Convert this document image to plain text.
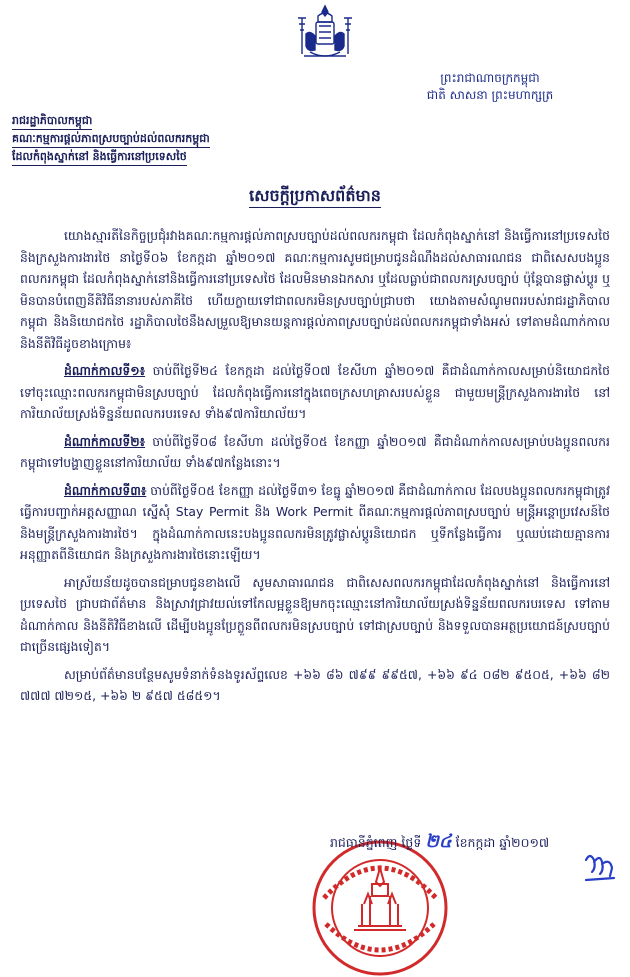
ព្រះរាជាណាចក្រកម្ពុជា
ជាតិ សាសនា ព្រះមហាក្សត្រ
រាជរដ្ឋាភិបាលកម្ពុជា
គណៈកម្មការផ្តល់ភាពស្របច្បាប់ដល់ពលករកម្ពុជា
ដែលកំពុងស្នាក់នៅ និងធ្វើការនៅប្រទេសថៃ
សេចក្តីប្រកាសព័ត៌មាន

យោងស្មារតីនៃកិច្ចប្រជុំរវាងគណៈកម្មការផ្តល់ភាពស្របច្បាប់ដល់ពលករកម្ពុជា ដែលកំពុងស្នាក់នៅ និងធ្វើការនៅប្រទេសថៃ និងក្រសួងការងារថៃ នាថ្ងៃទី០៦ ខែកក្កដា ឆ្នាំ២០១៧ គណៈកម្មការសូមជម្រាបជូនដំណឹងដល់សាធារណជន ជាពិសេសបងប្អូនពលករកម្ពុជា ដែលកំពុងស្នាក់នៅនិងធ្វើការនៅប្រទេសថៃ ដែលមិនមានឯកសារ ឬដែលធ្លាប់ជាពលករស្របច្បាប់ ប៉ុន្តែបានផ្លាស់ប្តូរ ឬមិនបានបំពេញនីតិវិធីនានារបស់ភាគីថៃ ហើយក្លាយទៅជាពលករមិនស្របច្បាប់ជ្រាបថា យោងតាមសំណូមពររបស់រាជរដ្ឋាភិបាលកម្ពុជា និងនិយោជកថៃ រដ្ឋាភិបាលថៃនឹងសម្រួលឱ្យមានយន្តការផ្តល់ភាពស្របច្បាប់ដល់ពលករកម្ពុជាទាំងអស់ ទៅតាមដំណាក់កាល និងនីតិវិធីដូចខាងក្រោម៖

ដំណាក់កាលទី១៖ ចាប់ពីថ្ងៃទី២៤ ខែកក្កដា ដល់ថ្ងៃទី០៧ ខែសីហា ឆ្នាំ២០១៧ គឺជាដំណាក់កាលសម្រាប់និយោជកថៃទៅចុះឈ្មោះពលករកម្ពុជាមិនស្របច្បាប់ ដែលកំពុងធ្វើការនៅក្នុងពេចក្រសហគ្រាសរបស់ខ្លួន ជាមួយមន្ត្រីក្រសួងការងារថៃ នៅការិយាល័យស្រង់ទិន្នន័យពលករបរទេស ទាំង៩៧ការិយាល័យ។

ដំណាក់កាលទី២៖ ចាប់ពីថ្ងៃទី០៨ ខែសីហា ដល់ថ្ងៃទី០៥ ខែកញ្ញា ឆ្នាំ២០១៧ គឺជាដំណាក់កាលសម្រាប់បងប្អូនពលករកម្ពុជាទៅបង្ហាញខ្លួននៅការិយាល័យ ទាំង៩៧កន្លែងនោះ។

ដំណាក់កាលទី៣៖ ចាប់ពីថ្ងៃទី០៥ ខែកញ្ញា ដល់ថ្ងៃទី៣១ ខែធ្នូ ឆ្នាំ២០១៧ គឺជាដំណាក់កាល ដែលបងប្អូនពលករកម្ពុជាត្រូវធ្វើការបញ្ជាក់អត្តសញ្ញាណ ស្នើសុំ Stay Permit និង Work Permit ពីគណៈកម្មការផ្តល់ភាពស្របច្បាប់ មន្ត្រីអន្តោប្រវេសន៍ថៃ និងមន្ត្រីក្រសួងការងារថៃ។ ក្នុងដំណាក់កាលនេះបងប្អូនពលករមិនត្រូវផ្លាស់ប្តូរនិយោជក ឬទីកន្លែងធ្វើការ ឬឈប់ដោយគ្មានការអនុញ្ញាតពីនិយោជក និងក្រសួងការងារថៃនោះឡើយ។

អាស្រ័យន័យដូចបានជម្រាបជូនខាងលើ សូមសាធារណជន ជាពិសេសពលករកម្ពុជាដែលកំពុងស្នាក់នៅ និងធ្វើការនៅប្រទេសថៃ ជ្រាបជាព័ត៌មាន និងស្រាវជ្រាវយល់ទៅកែលម្អខ្លួនឱ្យមកចុះឈ្មោះនៅការិយាល័យស្រង់ទិន្នន័យពលករបរទេស ទៅតាមដំណាក់កាល និងនីតិវិធីខាងលើ ដើម្បីបងប្អូនប្រែក្លួនពីពលករមិនស្របច្បាប់ ទៅជាស្របច្បាប់ និងទទួលបានអត្ថប្រយោជន៍ស្របច្បាប់ជាច្រើនផ្សេងទៀត។

សម្រាប់ព័ត៌មានបន្ថែមសូមទំនាក់ទំនងទូរស័ព្ទលេខ +៦៦ ៨៦ ៧៩៩ ៩៩៥៧, +៦៦ ៩៤ ០៨២ ៩៥០៥, +៦៦ ៨២ ៧៧៧ ៧២១៥, +៦៦ ២ ៩៥៧ ៥៨៥១។

រាជធានីភ្នំពេញ ថ្ងៃទី ២៤ ខែកក្កដា ឆ្នាំ២០១៧
